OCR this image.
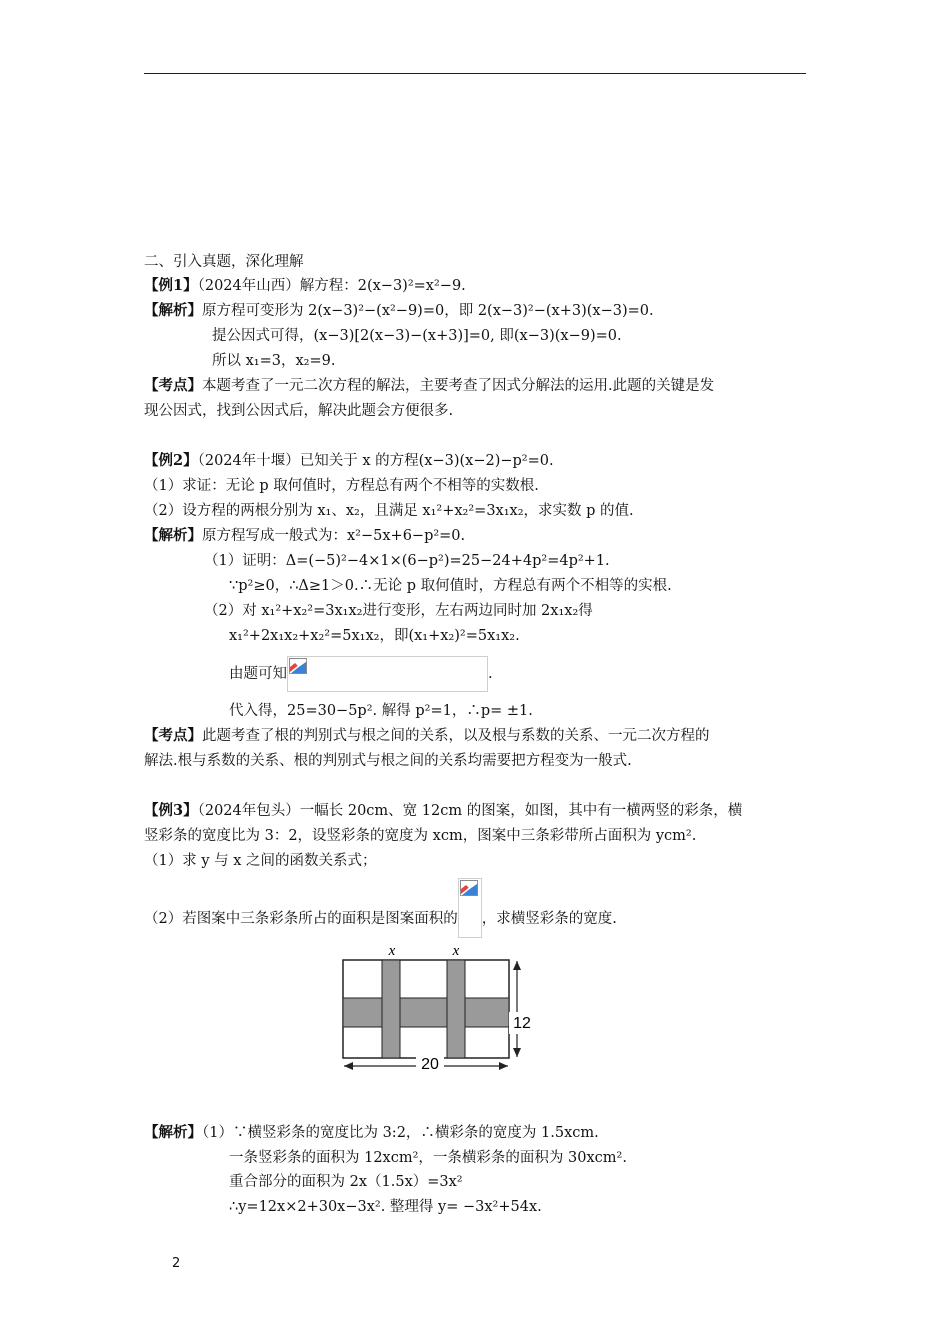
二、引入真题，深化理解
【例1】（2024年山西）解方程：2(x−3)²=x²−9.
【解析】原方程可变形为 2(x−3)²−(x²−9)=0，即 2(x−3)²−(x+3)(x−3)=0.
提公因式可得，(x−3)[2(x−3)−(x+3)]=0, 即(x−3)(x−9)=0.
所以 x₁=3，x₂=9.
【考点】本题考查了一元二次方程的解法，主要考查了因式分解法的运用.此题的关键是发
现公因式，找到公因式后，解决此题会方便很多.
【例2】（2024年十堰）已知关于 x 的方程(x−3)(x−2)−p²=0.
（1）求证：无论 p 取何值时，方程总有两个不相等的实数根.
（2）设方程的两根分别为 x₁、x₂，且满足 x₁²+x₂²=3x₁x₂，求实数 p 的值.
【解析】原方程写成一般式为：x²−5x+6−p²=0.
（1）证明：Δ=(−5)²−4×1×(6−p²)=25−24+4p²=4p²+1.
∵p²≥0，∴Δ≥1＞0.∴无论 p 取何值时，方程总有两个不相等的实根.
（2）对 x₁²+x₂²=3x₁x₂进行变形，左右两边同时加 2x₁x₂得
x₁²+2x₁x₂+x₂²=5x₁x₂，即(x₁+x₂)²=5x₁x₂.
由题可知	.
代入得，25=30−5p². 解得 p²=1，∴p= ±1.
【考点】此题考查了根的判别式与根之间的关系，以及根与系数的关系、一元二次方程的
解法.根与系数的关系、根的判别式与根之间的关系均需要把方程变为一般式.
【例3】（2024年包头）一幅长 20cm、宽 12cm 的图案，如图，其中有一横两竖的彩条，横
竖彩条的宽度比为 3：2，设竖彩条的宽度为 xcm，图案中三条彩带所占面积为 ycm².
（1）求 y 与 x 之间的函数关系式；
（2）若图案中三条彩条所占的面积是图案面积的 ，求横竖彩条的宽度.
x	x
12
20
【解析】（1）∵横竖彩条的宽度比为 3:2，∴横彩条的宽度为 1.5xcm.
一条竖彩条的面积为 12xcm²，一条横彩条的面积为 30xcm².
重合部分的面积为 2x（1.5x）=3x²
∴y=12x×2+30x−3x². 整理得 y= −3x²+54x.
2
